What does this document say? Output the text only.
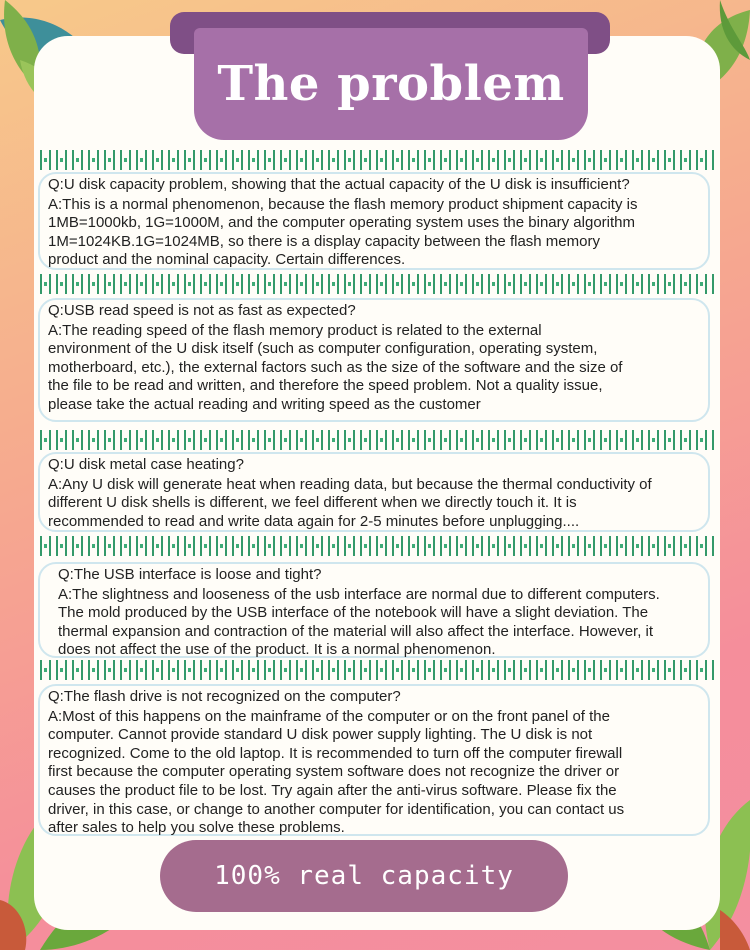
The problem

Q:U disk capacity problem, showing that the actual capacity of the U disk is insufficient?

A:This is a normal phenomenon, because the flash memory product shipment capacity is
1MB=1000kb, 1G=1000M, and the computer operating system uses the binary algorithm
1M=1024KB.1G=1024MB, so there is a display capacity between the flash memory
product and the nominal capacity. Certain differences.

Q:USB read speed is not as fast as expected?

A:The reading speed of the flash memory product is related to the external
environment of the U disk itself (such as computer configuration, operating system,
motherboard, etc.), the external factors such as the size of the software and the size of
the file to be read and written, and therefore the speed problem. Not a quality issue,
please take the actual reading and writing speed as the customer

Q:U disk metal case heating?

A:Any U disk will generate heat when reading data, but because the thermal conductivity of
different U disk shells is different, we feel different when we directly touch it. It is
recommended to read and write data again for 2-5 minutes before unplugging....

Q:The USB interface is loose and tight?

A:The slightness and looseness of the usb interface are normal due to different computers.
The mold produced by the USB interface of the notebook will have a slight deviation. The
thermal expansion and contraction of the material will also affect the interface. However, it
does not affect the use of the product. It is a normal phenomenon.

Q:The flash drive is not recognized on the computer?

A:Most of this happens on the mainframe of the computer or on the front panel of the
computer. Cannot provide standard U disk power supply lighting. The U disk is not
recognized. Come to the old laptop. It is recommended to turn off the computer firewall
first because the computer operating system software does not recognize the driver or
causes the product file to be lost. Try again after the anti-virus software. Please fix the
driver, in this case, or change to another computer for identification, you can contact us
after sales to help you solve these problems.

100% real capacity
